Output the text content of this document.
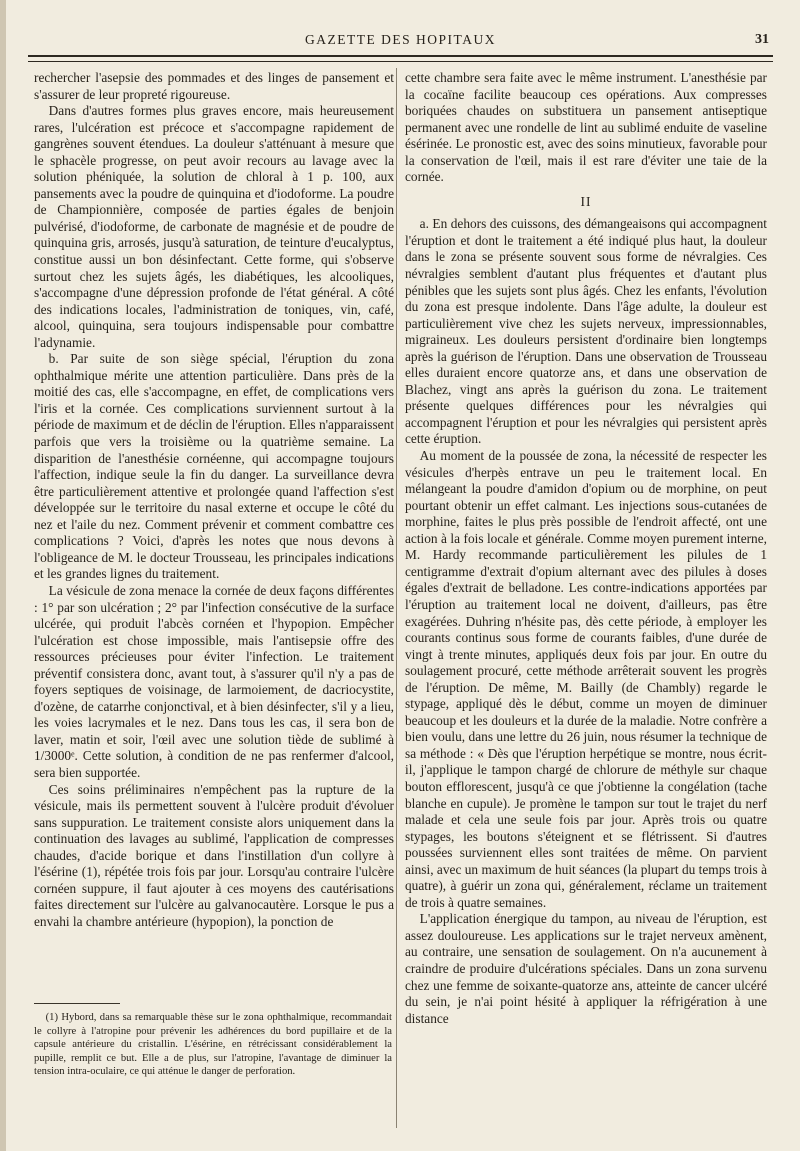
GAZETTE DES HOPITAUX	31

rechercher l'asepsie des pommades et des linges de pansement et s'assurer de leur propreté rigoureuse.

Dans d'autres formes plus graves encore, mais heureusement rares, l'ulcération est précoce et s'accompagne rapidement de gangrènes souvent étendues. La douleur s'atténuant à mesure que le sphacèle progresse, on peut avoir recours au lavage avec la solution phéniquée, la solution de chloral à 1 p. 100, aux pansements avec la poudre de quinquina et d'iodoforme. La poudre de Championnière, composée de parties égales de benjoin pulvérisé, d'iodoforme, de carbonate de magnésie et de poudre de quinquina gris, arrosés, jusqu'à saturation, de teinture d'eucalyptus, constitue aussi un bon désinfectant. Cette forme, qui s'observe surtout chez les sujets âgés, les diabétiques, les alcooliques, s'accompagne d'une dépression profonde de l'état général. A côté des indications locales, l'administration de toniques, vin, café, alcool, quinquina, sera toujours indispensable pour combattre l'adynamie.

b. Par suite de son siège spécial, l'éruption du zona ophthalmique mérite une attention particulière. Dans près de la moitié des cas, elle s'accompagne, en effet, de complications vers l'iris et la cornée. Ces complications surviennent surtout à la période de maximum et de déclin de l'éruption. Elles n'apparaissent parfois que vers la troisième ou la quatrième semaine. La disparition de l'anesthésie cornéenne, qui accompagne toujours l'affection, indique seule la fin du danger. La surveillance devra être particulièrement attentive et prolongée quand l'affection s'est développée sur le territoire du nasal externe et occupe le côté du nez et l'aile du nez. Comment prévenir et comment combattre ces complications ? Voici, d'après les notes que nous devons à l'obligeance de M. le docteur Trousseau, les principales indications et les grandes lignes du traitement.

La vésicule de zona menace la cornée de deux façons différentes : 1° par son ulcération ; 2° par l'infection consécutive de la surface ulcérée, qui produit l'abcès cornéen et l'hypopion. Empêcher l'ulcération est chose impossible, mais l'antisepsie offre des ressources précieuses pour éviter l'infection. Le traitement préventif consistera donc, avant tout, à s'assurer qu'il n'y a pas de foyers septiques de voisinage, de larmoiement, de dacriocystite, d'ozène, de catarrhe conjonctival, et à bien désinfecter, s'il y a lieu, les voies lacrymales et le nez. Dans tous les cas, il sera bon de laver, matin et soir, l'œil avec une solution tiède de sublimé à 1/3000ᵉ. Cette solution, à condition de ne pas renfermer d'alcool, sera bien supportée.

Ces soins préliminaires n'empêchent pas la rupture de la vésicule, mais ils permettent souvent à l'ulcère produit d'évoluer sans suppuration. Le traitement consiste alors uniquement dans la continuation des lavages au sublimé, l'application de compresses chaudes, d'acide borique et dans l'instillation d'un collyre à l'ésérine (1), répétée trois fois par jour. Lorsqu'au contraire l'ulcère cornéen suppure, il faut ajouter à ces moyens des cautérisations faites directement sur l'ulcère au galvanocautère. Lorsque le pus a envahi la chambre antérieure (hypopion), la ponction de

(1) Hybord, dans sa remarquable thèse sur le zona ophthalmique, recommandait le collyre à l'atropine pour prévenir les adhérences du bord pupillaire et de la capsule antérieure du cristallin. L'ésérine, en rétrécissant considérablement la pupille, remplit ce but. Elle a de plus, sur l'atropine, l'avantage de diminuer la tension intra-oculaire, ce qui atténue le danger de perforation.

cette chambre sera faite avec le même instrument. L'anesthésie par la cocaïne facilite beaucoup ces opérations. Aux compresses boriquées chaudes on substituera un pansement antiseptique permanent avec une rondelle de lint au sublimé enduite de vaseline ésérinée. Le pronostic est, avec des soins minutieux, favorable pour la conservation de l'œil, mais il est rare d'éviter une taie de la cornée.

II

a. En dehors des cuissons, des démangeaisons qui accompagnent l'éruption et dont le traitement a été indiqué plus haut, la douleur dans le zona se présente souvent sous forme de névralgies. Ces névralgies semblent d'autant plus fréquentes et d'autant plus pénibles que les sujets sont plus âgés. Chez les enfants, l'évolution du zona est presque indolente. Dans l'âge adulte, la douleur est particulièrement vive chez les sujets nerveux, impressionnables, migraineux. Les douleurs persistent d'ordinaire bien longtemps après la guérison de l'éruption. Dans une observation de Trousseau elles duraient encore quatorze ans, et dans une observation de Blachez, vingt ans après la guérison du zona. Le traitement présente quelques différences pour les névralgies qui accompagnent l'éruption et pour les névralgies qui persistent après cette éruption.

Au moment de la poussée de zona, la nécessité de respecter les vésicules d'herpès entrave un peu le traitement local. En mélangeant la poudre d'amidon d'opium ou de morphine, on peut pourtant obtenir un effet calmant. Les injections sous-cutanées de morphine, faites le plus près possible de l'endroit affecté, ont une action à la fois locale et générale. Comme moyen purement interne, M. Hardy recommande particulièrement les pilules de 1 centigramme d'extrait d'opium alternant avec des pilules à doses égales d'extrait de belladone. Les contre-indications apportées par l'éruption au traitement local ne doivent, d'ailleurs, pas être exagérées. Duhring n'hésite pas, dès cette période, à employer les courants continus sous forme de courants faibles, d'une durée de vingt à trente minutes, appliqués deux fois par jour. En outre du soulagement procuré, cette méthode arrêterait souvent les progrès de l'éruption. De même, M. Bailly (de Chambly) regarde le stypage, appliqué dès le début, comme un moyen de diminuer beaucoup et les douleurs et la durée de la maladie. Notre confrère a bien voulu, dans une lettre du 26 juin, nous résumer la technique de sa méthode : « Dès que l'éruption herpétique se montre, nous écrit-il, j'applique le tampon chargé de chlorure de méthyle sur chaque bouton efflorescent, jusqu'à ce que j'obtienne la congélation (tache blanche en cupule). Je promène le tampon sur tout le trajet du nerf malade et cela une seule fois par jour. Après trois ou quatre stypages, les boutons s'éteignent et se flétrissent. Si d'autres poussées surviennent elles sont traitées de même. On parvient ainsi, avec un maximum de huit séances (la plupart du temps trois à quatre), à guérir un zona qui, généralement, réclame un traitement de trois à quatre semaines.

L'application énergique du tampon, au niveau de l'éruption, est assez douloureuse. Les applications sur le trajet nerveux amènent, au contraire, une sensation de soulagement. On n'a aucunement à craindre de produire d'ulcérations spéciales. Dans un zona survenu chez une femme de soixante-quatorze ans, atteinte de cancer ulcéré du sein, je n'ai point hésité à appliquer la réfrigération à une distance
